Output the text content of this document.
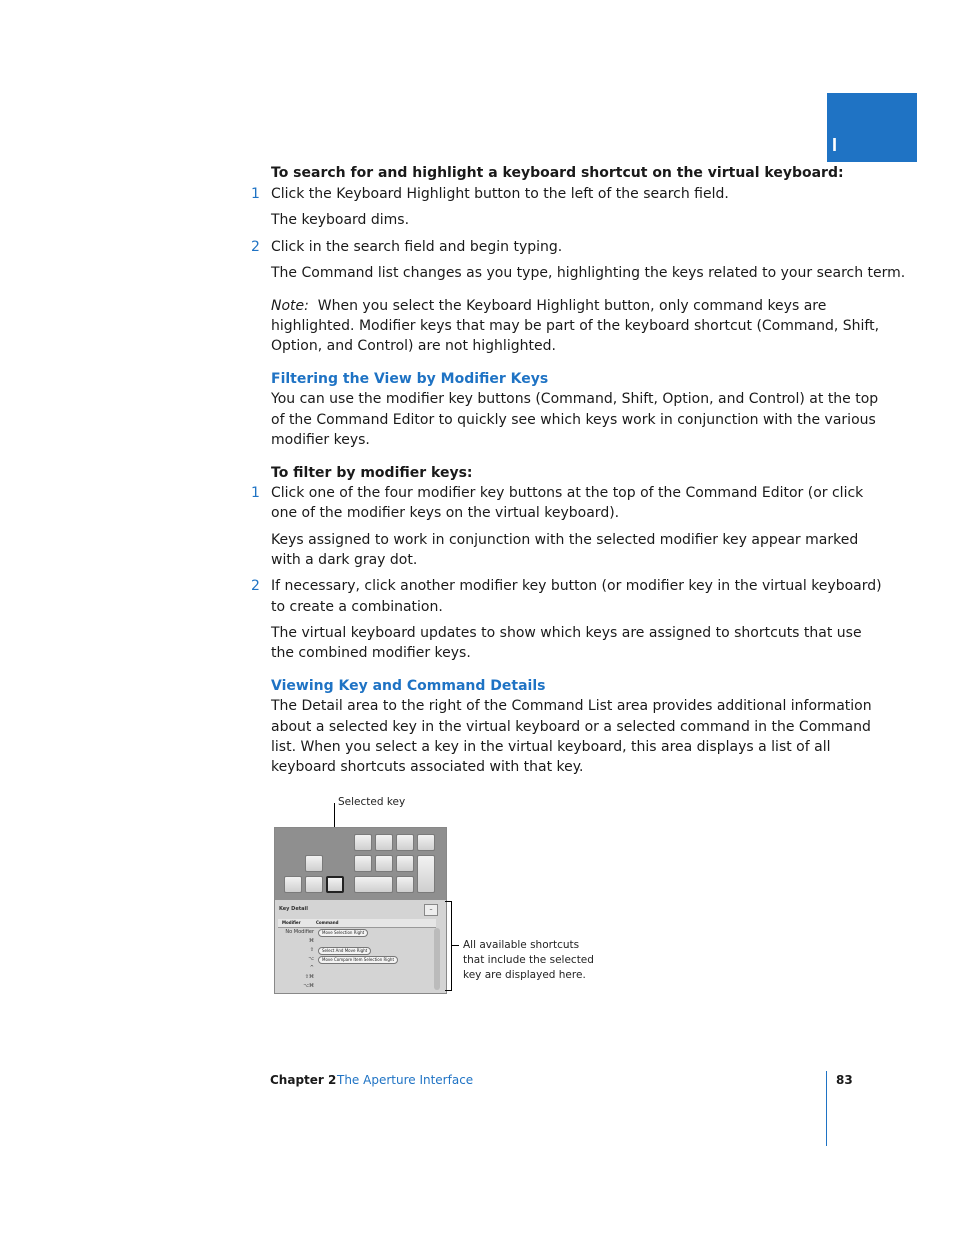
I
To search for and highlight a keyboard shortcut on the virtual keyboard:
1 Click the Keyboard Highlight button to the left of the search field.
The keyboard dims.
2 Click in the search field and begin typing.
The Command list changes as you type, highlighting the keys related to your search term.
Note: When you select the Keyboard Highlight button, only command keys are
highlighted. Modifier keys that may be part of the keyboard shortcut (Command, Shift,
Option, and Control) are not highlighted.
Filtering the View by Modifier Keys
You can use the modifier key buttons (Command, Shift, Option, and Control) at the top
of the Command Editor to quickly see which keys work in conjunction with the various
modifier keys.
To filter by modifier keys:
1 Click one of the four modifier key buttons at the top of the Command Editor (or click
one of the modifier keys on the virtual keyboard).
Keys assigned to work in conjunction with the selected modifier key appear marked
with a dark gray dot.
2 If necessary, click another modifier key button (or modifier key in the virtual keyboard)
to create a combination.
The virtual keyboard updates to show which keys are assigned to shortcuts that use
the combined modifier keys.
Viewing Key and Command Details
The Detail area to the right of the Command List area provides additional information
about a selected key in the virtual keyboard or a selected command in the Command
list. When you select a key in the virtual keyboard, this area displays a list of all
keyboard shortcuts associated with that key.
Selected key
Key Detail	–
Modifier	Command
No Modifier	Move Selection Right
⌘
⇧	Select And Move Right
⌥	Move Compare Item Selection Right
^
⇧⌘
⌥⌘
All available shortcuts
that include the selected
key are displayed here.
Chapter 2 The Aperture Interface	83
